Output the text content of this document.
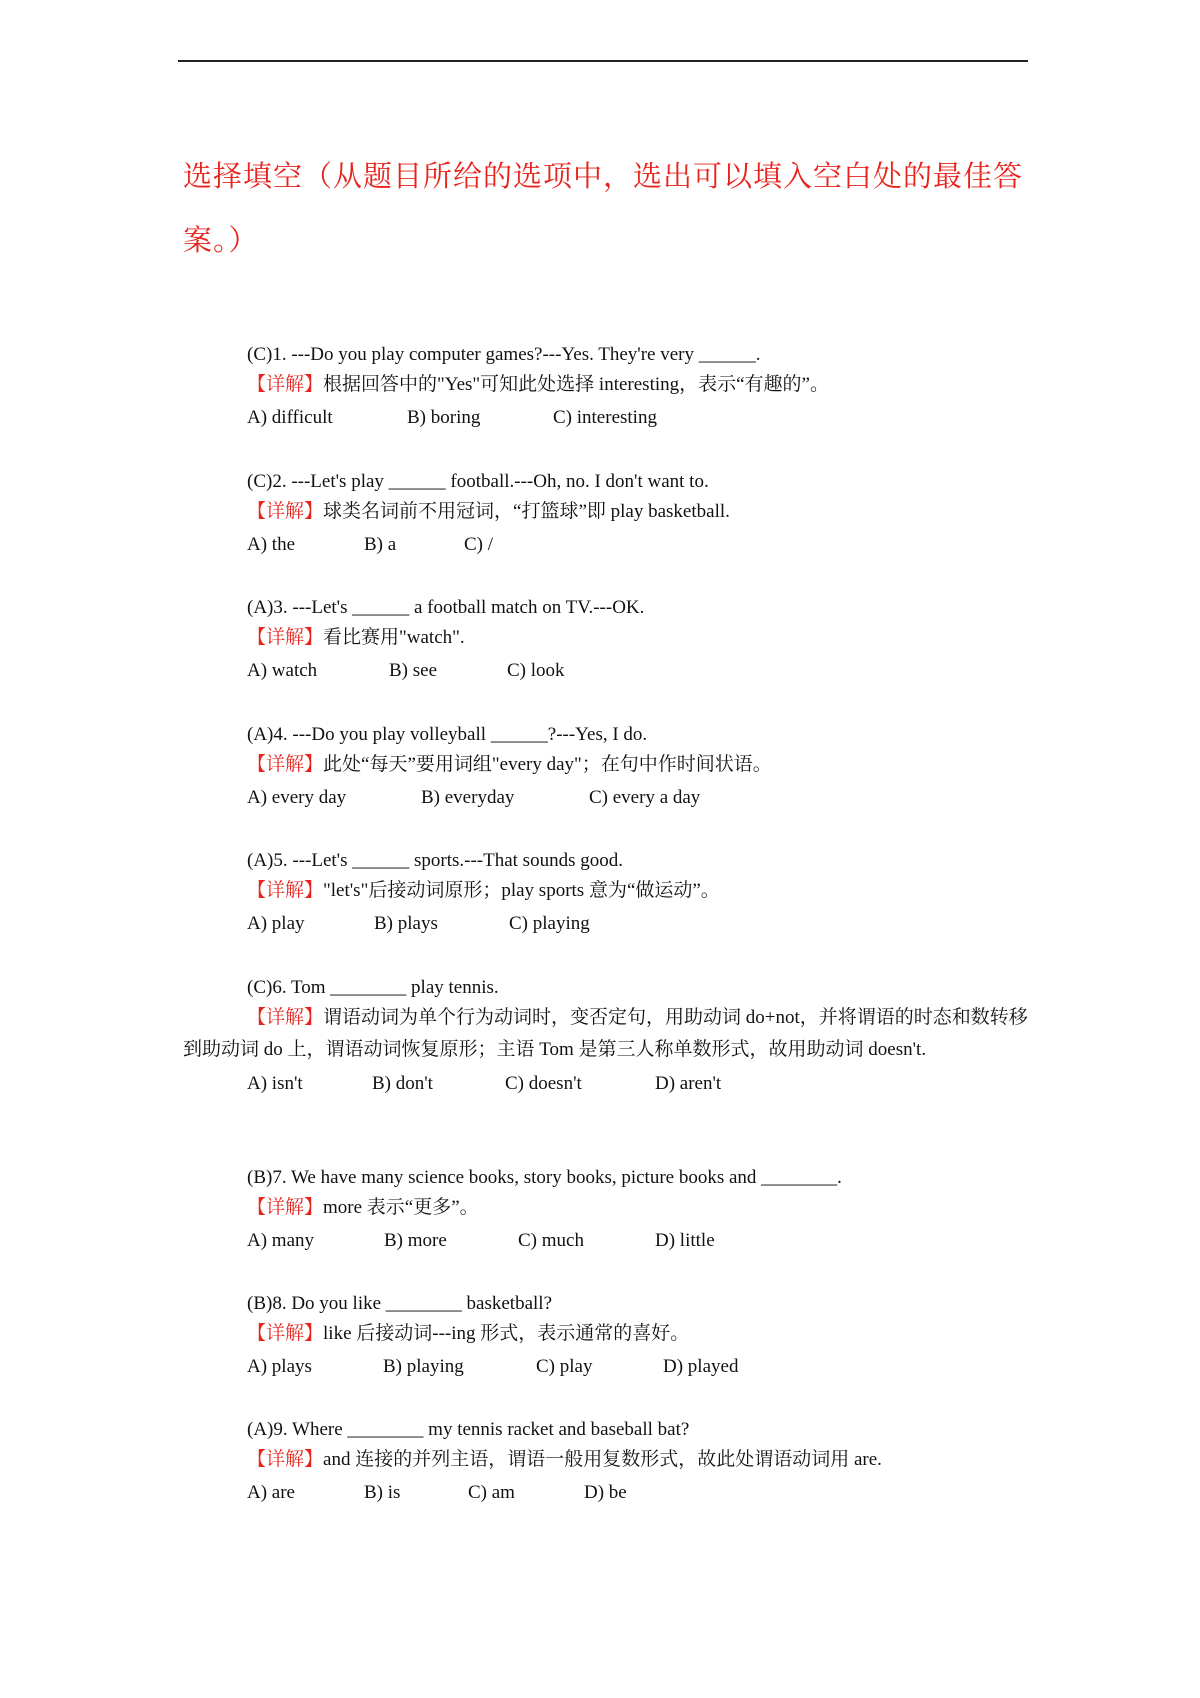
选择填空（从题目所给的选项中，选出可以填入空白处的最佳答案。）
(C)1. ---Do you play computer games?---Yes. They're very ______.
【详解】根据回答中的"Yes"可知此处选择 interesting，表示“有趣的”。
A) difficult	B) boring	C) interesting
(C)2. ---Let's play ______ football.---Oh, no. I don't want to.
【详解】球类名词前不用冠词，“打篮球”即 play basketball.
A) the	B) a	C) /
(A)3. ---Let's ______ a football match on TV.---OK.
【详解】看比赛用"watch".
A) watch	B) see	C) look
(A)4. ---Do you play volleyball ______?---Yes, I do.
【详解】此处“每天”要用词组"every day"；在句中作时间状语。
A) every day	B) everyday	C) every a day
(A)5. ---Let's ______ sports.---That sounds good.
【详解】"let's"后接动词原形；play sports 意为“做运动”。
A) play	B) plays	C) playing
(C)6. Tom ________ play tennis.
【详解】谓语动词为单个行为动词时，变否定句，用助动词 do+not，并将谓语的时态和数转移到助动词 do 上，谓语动词恢复原形；主语 Tom 是第三人称单数形式，故用助动词 doesn't.
A) isn't	B) don't	C) doesn't	D) aren't
(B)7. We have many science books, story books, picture books and ________.
【详解】more 表示“更多”。
A) many	B) more	C) much	D) little
(B)8. Do you like ________ basketball?
【详解】like 后接动词---ing 形式，表示通常的喜好。
A) plays	B) playing	C) play	D) played
(A)9. Where ________ my tennis racket and baseball bat?
【详解】and 连接的并列主语，谓语一般用复数形式，故此处谓语动词用 are.
A) are	B) is	C) am	D) be
